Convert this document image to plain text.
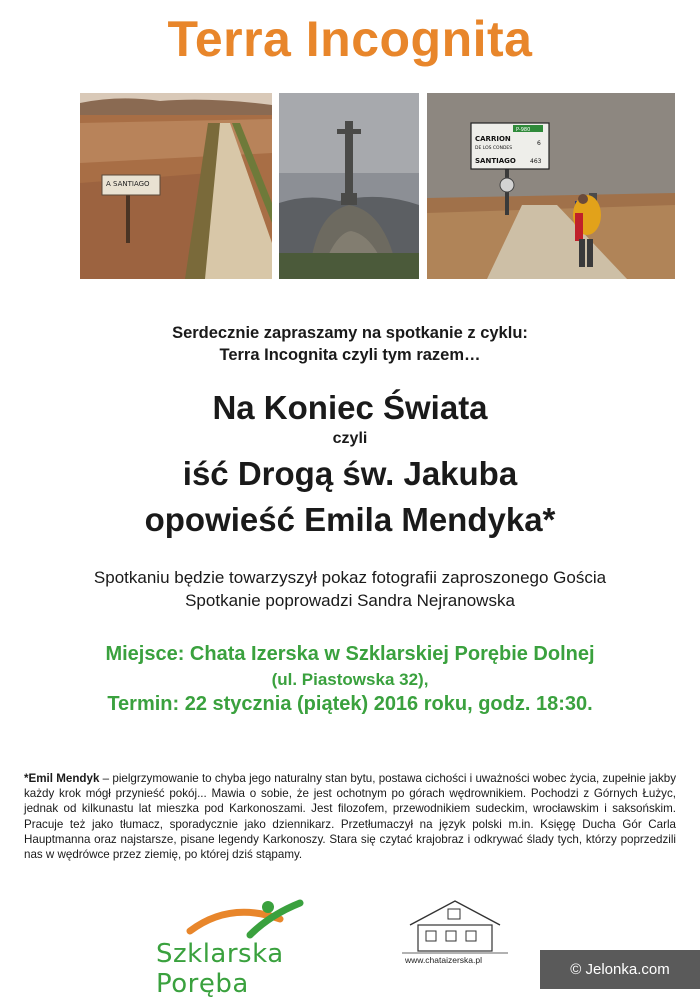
Terra Incognita
A SANTIAGO
P-980
CARRION
DE LOS CONDES
SANTIAGO
6
463
Serdecznie zapraszamy na spotkanie z cyklu:
Terra Incognita czyli tym razem…
Na Koniec Świata
czyli
iść Drogą św. Jakuba
opowieść Emila Mendyka*
Spotkaniu będzie towarzyszył pokaz fotografii zaproszonego Gościa
Spotkanie poprowadzi Sandra Nejranowska
Miejsce: Chata Izerska w Szklarskiej Porębie Dolnej
(ul. Piastowska 32),
Termin: 22 stycznia (piątek) 2016 roku, godz. 18:30.
*Emil Mendyk – pielgrzymowanie to chyba jego naturalny stan bytu, postawa cichości i uważności wobec życia, zupełnie jakby każdy krok mógł przynieść pokój... Mawia o sobie, że jest ochotnym po górach wędrownikiem. Pochodzi z Górnych Łużyc, jednak od kilkunastu lat mieszka pod Karkonoszami. Jest filozofem, przewodnikiem sudeckim, wrocławskim i saksońskim. Pracuje też jako tłumacz, sporadycznie jako dziennikarz. Przetłumaczył na język polski m.in. Księgę Ducha Gór Carla Hauptmanna oraz najstarsze, pisane legendy Karkonoszy. Stara się czytać krajobraz i odkrywać ślady tych, którzy poprzedzili nas w wędrówce przez ziemię, po której dziś stąpamy.
Szklarska Poręba
www.chataizerska.pl
© Jelonka.com
